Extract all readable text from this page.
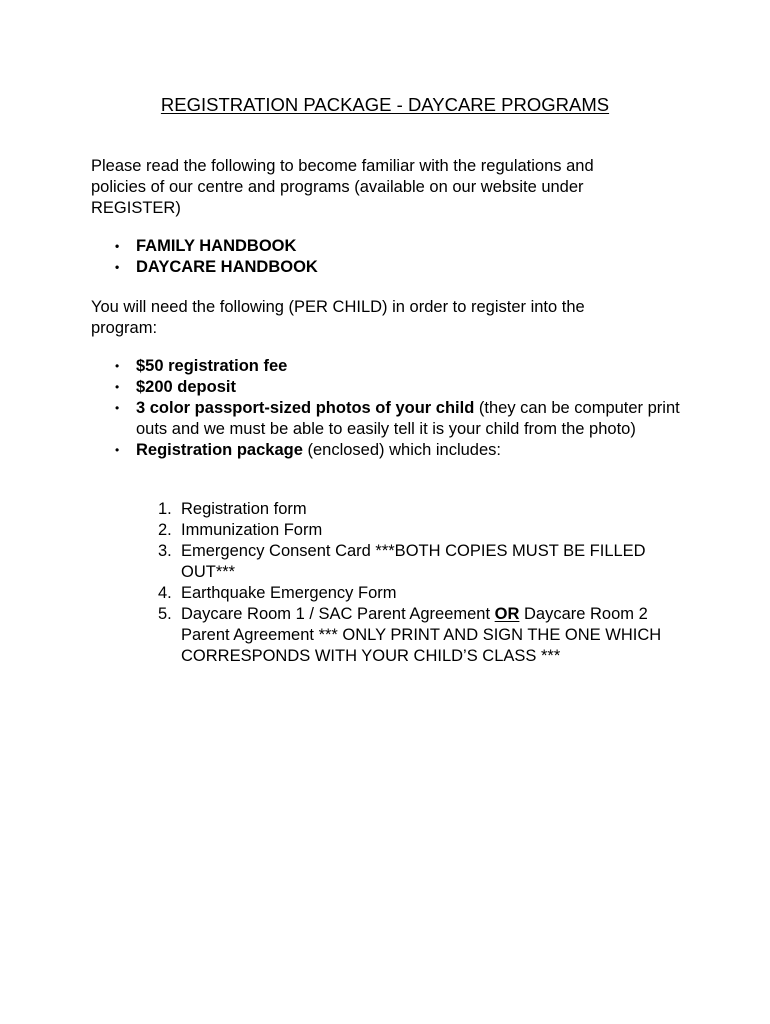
REGISTRATION PACKAGE - DAYCARE PROGRAMS
Please read the following to become familiar with the regulations and policies of our centre and programs (available on our website under REGISTER)
• FAMILY HANDBOOK
• DAYCARE HANDBOOK
You will need the following (PER CHILD) in order to register into the program:
• $50 registration fee
• $200 deposit
• 3 color passport-sized photos of your child (they can be computer print outs and we must be able to easily tell it is your child from the photo)
• Registration package (enclosed) which includes:
1. Registration form
2. Immunization Form
3. Emergency Consent Card ***BOTH COPIES MUST BE FILLED OUT***
4. Earthquake Emergency Form
5. Daycare Room 1 / SAC Parent Agreement OR Daycare Room 2 Parent Agreement *** ONLY PRINT AND SIGN THE ONE WHICH CORRESPONDS WITH YOUR CHILD’S CLASS ***
